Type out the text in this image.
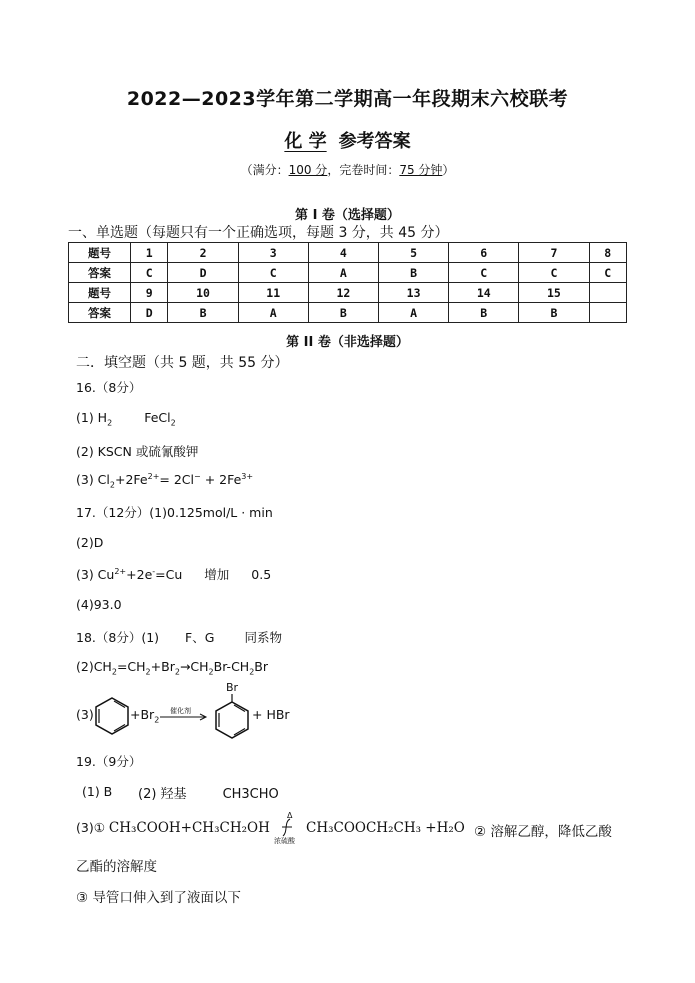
2022—2023学年第二学期高一年段期末六校联考
化 学 参考答案
（满分：100 分，完卷时间：75 分钟）
第 I 卷（选择题）
一、单选题（每题只有一个正确选项，每题 3 分，共 45 分）
题号	1	2	3	4	5	6	7	8
答案	C	D	C	A	B	C	C	C
题号	9	10	11	12	13	14	15	
答案	D	B	A	B	A	B	B	
第 II 卷（非选择题）
二．填空题（共 5 题，共 55 分）
16.（8分）
(1) $H_2$	FeCl$_2$
(2) KSCN 或硫氰酸钾
(3) $Cl_2+2Fe^{2+}= 2Cl^- + 2Fe^{3+}$
17.（12分）(1)0.125mol/L · min
(2)D
(3) $Cu^{2+}+2e^-=Cu$ 增加 0.5
(4)93.0
18.（8分）(1) F、G 同系物
$(2)CH_2=CH_2+Br_2\to CH_2Br-CH_2Br$
(3)	$+Br_2$
催化剂
Br
+ HBr
19.（9分）
(1) B (2) 羟基	CH3CHO
(3)① CH₃COOH+CH₃CH₂OH
Δ
浓硫酸
CH₃COOCH₂CH₃ +H₂O ② 溶解乙醇，降低乙酸
乙酯的溶解度
③ 导管口伸入到了液面以下
